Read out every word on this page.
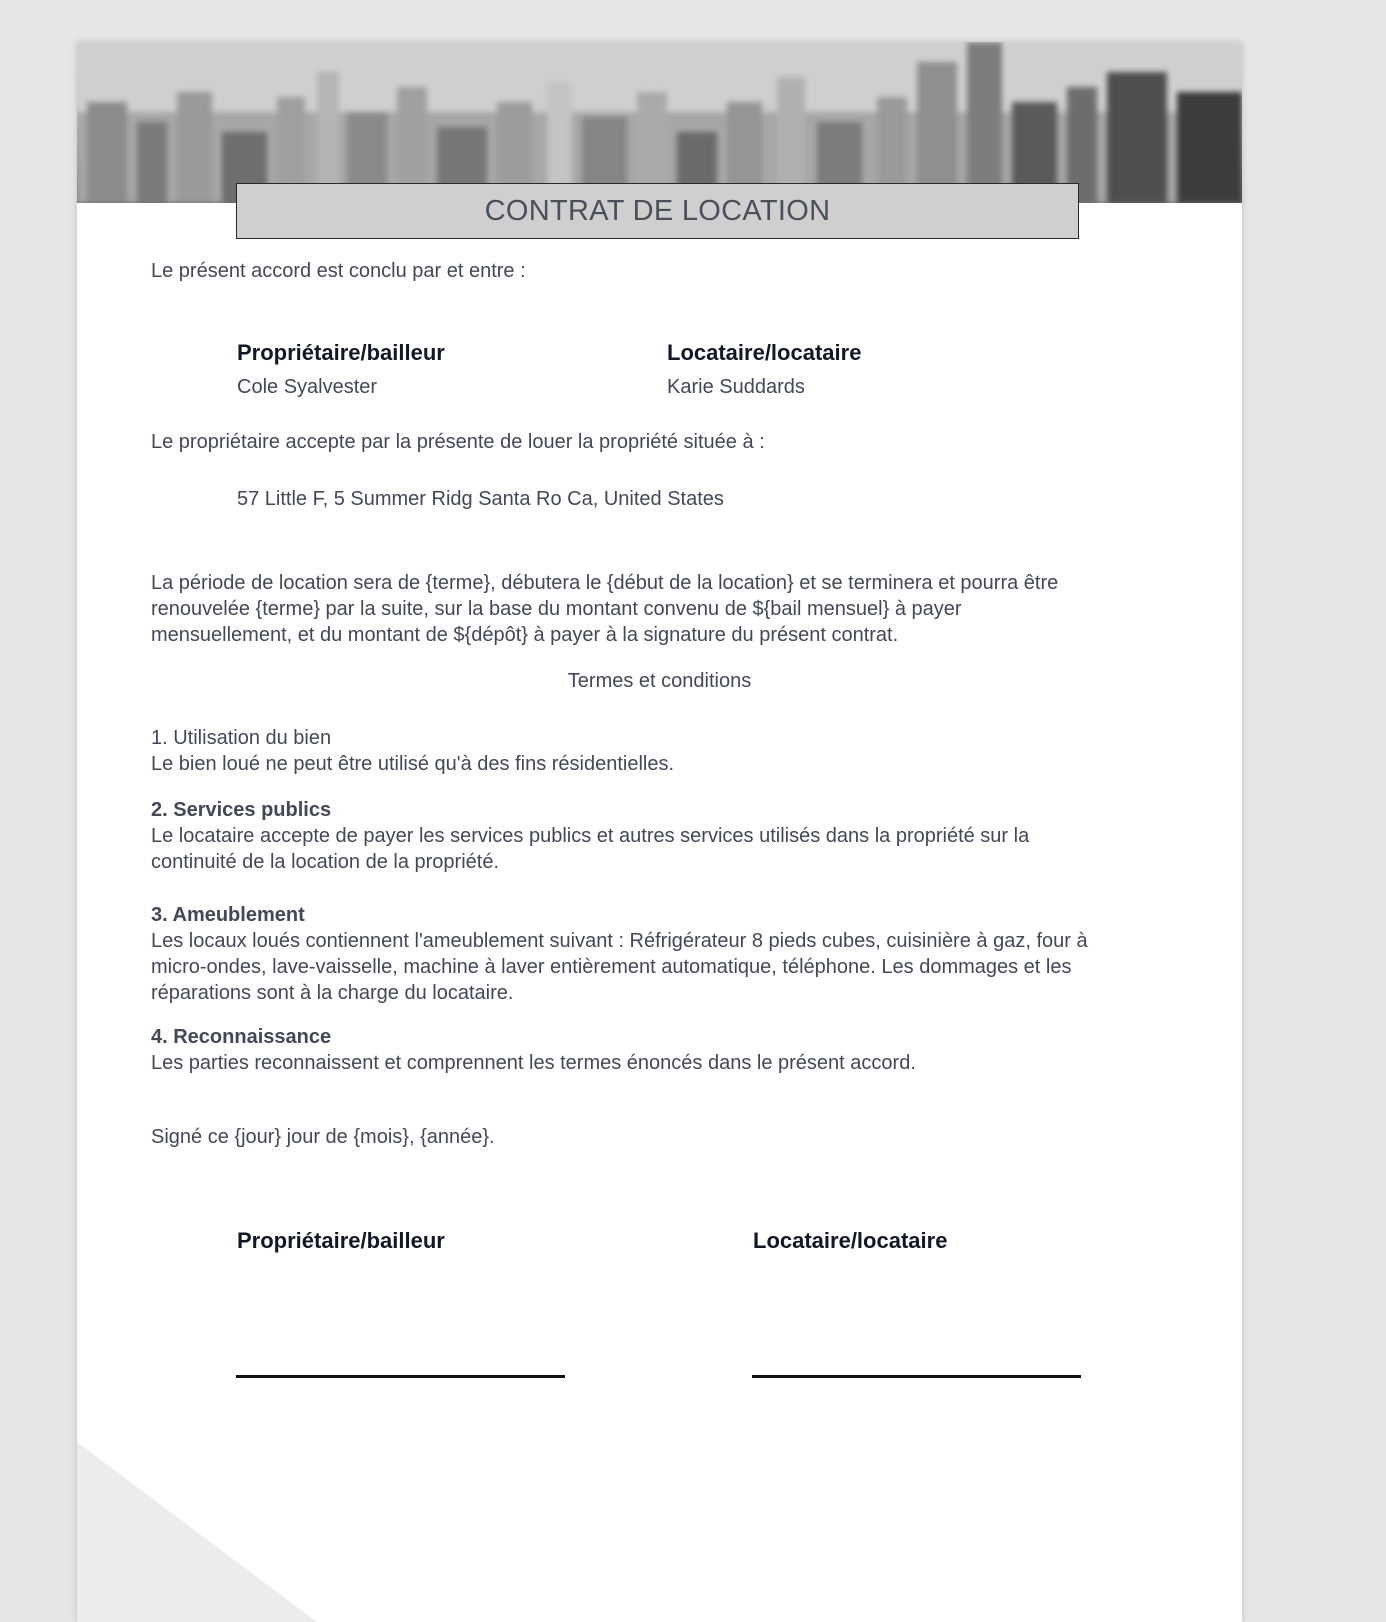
CONTRAT DE LOCATION
Le présent accord est conclu par et entre :
Propriétaire/bailleur
Cole Syalvester
Locataire/locataire
Karie Suddards
Le propriétaire accepte par la présente de louer la propriété située à :
57 Little F, 5 Summer Ridg Santa Ro Ca, United States
La période de location sera de {terme}, débutera le {début de la location} et se terminera et pourra être
renouvelée {terme} par la suite, sur la base du montant convenu de ${bail mensuel} à payer
mensuellement, et du montant de ${dépôt} à payer à la signature du présent contrat.
Termes et conditions
1. Utilisation du bien
Le bien loué ne peut être utilisé qu'à des fins résidentielles.
2. Services publics
Le locataire accepte de payer les services publics et autres services utilisés dans la propriété sur la
continuité de la location de la propriété.
3. Ameublement
Les locaux loués contiennent l'ameublement suivant : Réfrigérateur 8 pieds cubes, cuisinière à gaz, four à
micro-ondes, lave-vaisselle, machine à laver entièrement automatique, téléphone. Les dommages et les
réparations sont à la charge du locataire.
4. Reconnaissance
Les parties reconnaissent et comprennent les termes énoncés dans le présent accord.
Signé ce {jour} jour de {mois}, {année}.
Propriétaire/bailleur	Locataire/locataire
